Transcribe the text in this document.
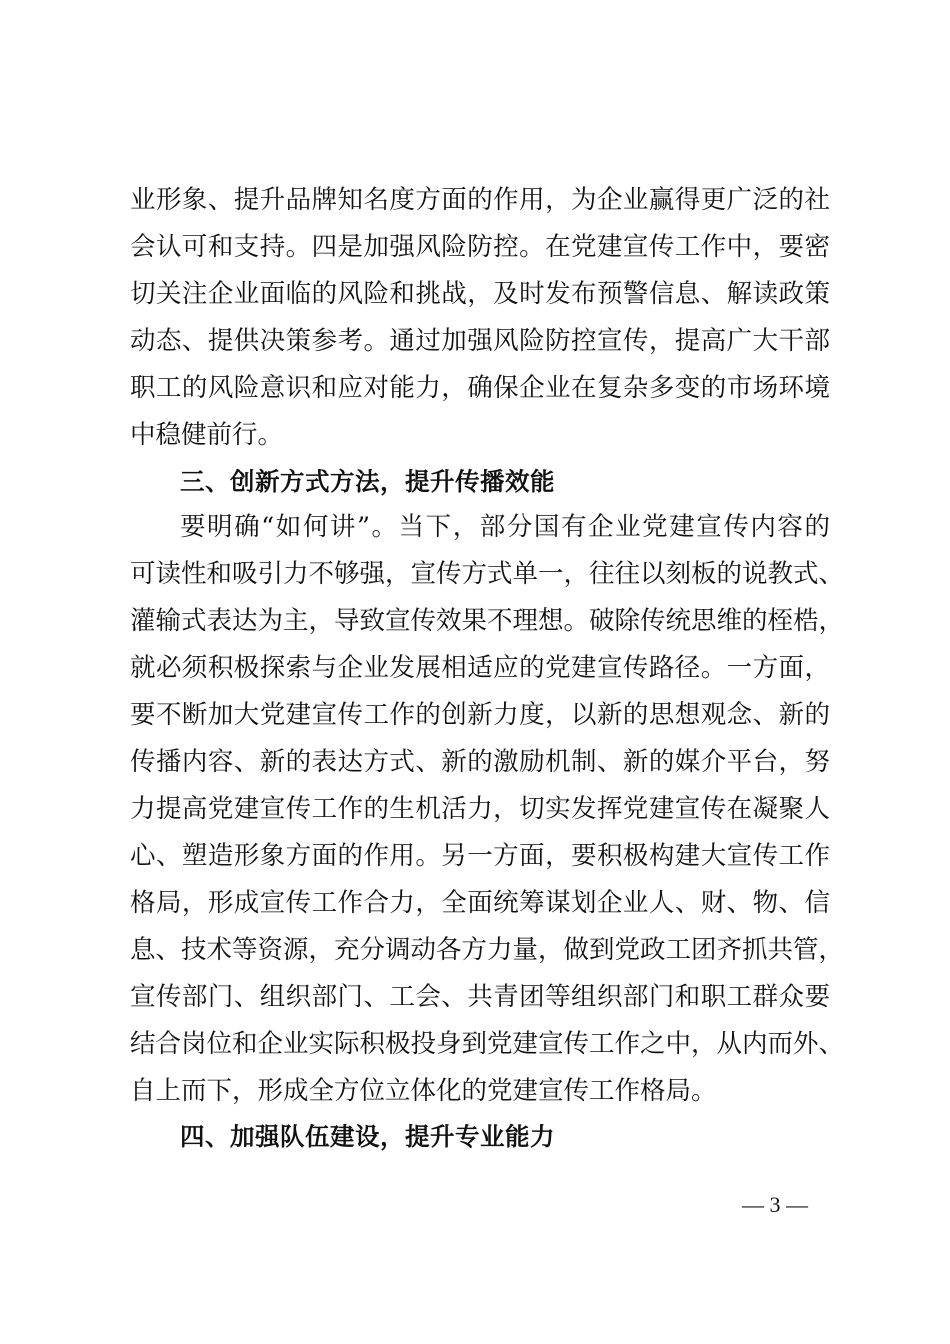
业形象、提升品牌知名度方面的作用，为企业赢得更广泛的社
会认可和支持。四是加强风险防控。在党建宣传工作中，要密
切关注企业面临的风险和挑战，及时发布预警信息、解读政策
动态、提供决策参考。通过加强风险防控宣传，提高广大干部
职工的风险意识和应对能力，确保企业在复杂多变的市场环境
中稳健前行。
三、创新方式方法，提升传播效能
要明确“如何讲”。当下，部分国有企业党建宣传内容的
可读性和吸引力不够强，宣传方式单一，往往以刻板的说教式、
灌输式表达为主，导致宣传效果不理想。破除传统思维的桎梏，
就必须积极探索与企业发展相适应的党建宣传路径。一方面，
要不断加大党建宣传工作的创新力度，以新的思想观念、新的
传播内容、新的表达方式、新的激励机制、新的媒介平台，努
力提高党建宣传工作的生机活力，切实发挥党建宣传在凝聚人
心、塑造形象方面的作用。另一方面，要积极构建大宣传工作
格局，形成宣传工作合力，全面统筹谋划企业人、财、物、信
息、技术等资源，充分调动各方力量，做到党政工团齐抓共管，
宣传部门、组织部门、工会、共青团等组织部门和职工群众要
结合岗位和企业实际积极投身到党建宣传工作之中，从内而外、
自上而下，形成全方位立体化的党建宣传工作格局。
四、加强队伍建设，提升专业能力
— 3 —
